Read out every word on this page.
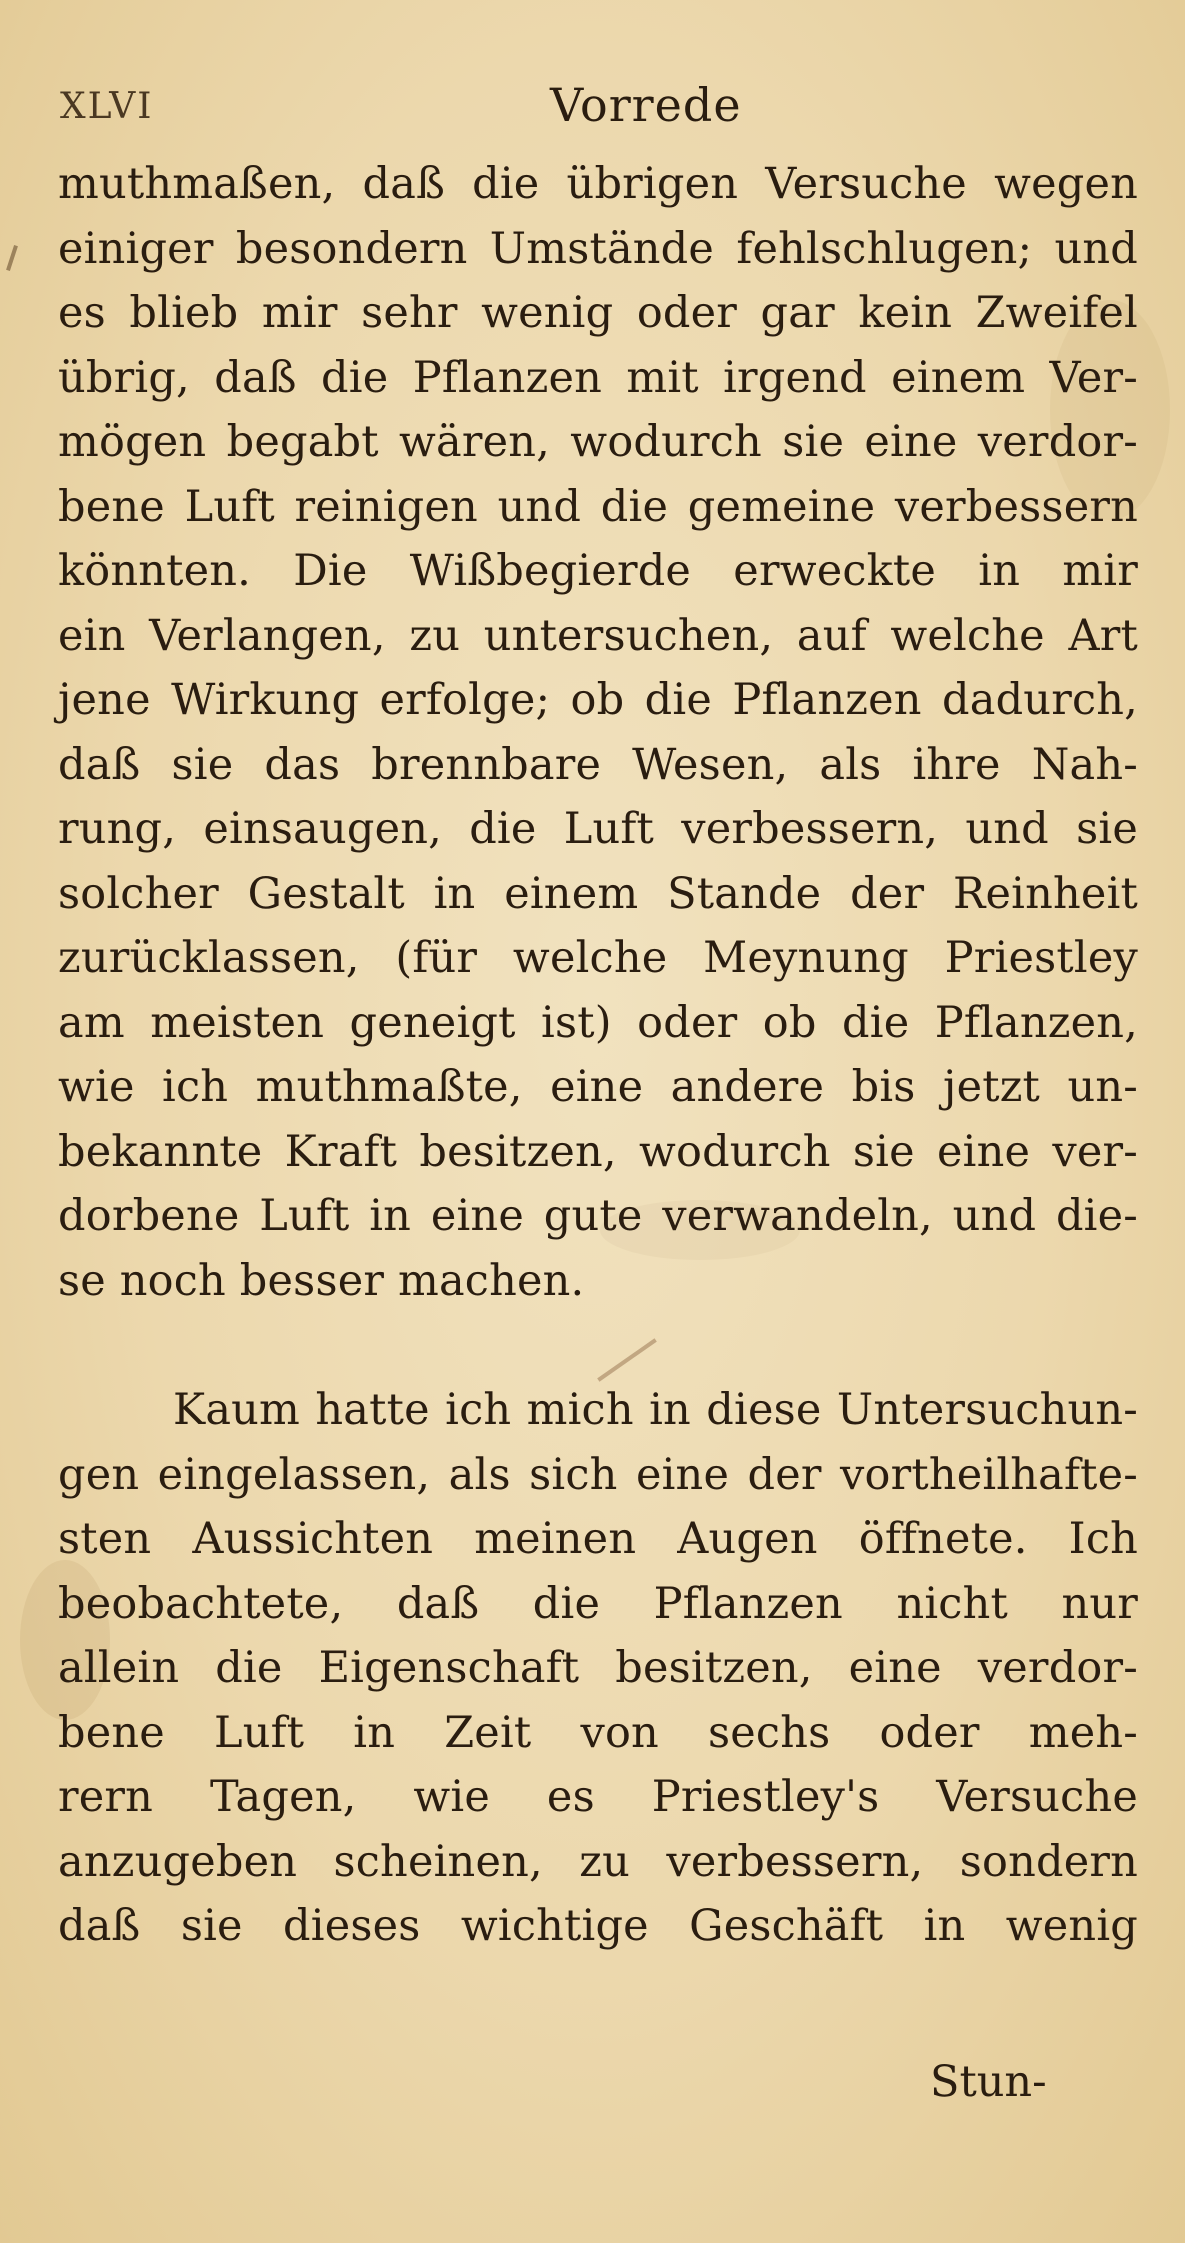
XLVI	Vorrede
muthmaßen, daß die übrigen Versuche wegen
einiger besondern Umstände fehlschlugen; und
es blieb mir sehr wenig oder gar kein Zweifel
übrig, daß die Pflanzen mit irgend einem Ver-
mögen begabt wären, wodurch sie eine verdor-
bene Luft reinigen und die gemeine verbessern
könnten. Die Wißbegierde erweckte in mir
ein Verlangen, zu untersuchen, auf welche Art
jene Wirkung erfolge; ob die Pflanzen dadurch,
daß sie das brennbare Wesen, als ihre Nah-
rung, einsaugen, die Luft verbessern, und sie
solcher Gestalt in einem Stande der Reinheit
zurücklassen, (für welche Meynung Priestley
am meisten geneigt ist) oder ob die Pflanzen,
wie ich muthmaßte, eine andere bis jetzt un-
bekannte Kraft besitzen, wodurch sie eine ver-
dorbene Luft in eine gute verwandeln, und die-
se noch besser machen.
Kaum hatte ich mich in diese Untersuchun-
gen eingelassen, als sich eine der vortheilhafte-
sten Aussichten meinen Augen öffnete. Ich
beobachtete, daß die Pflanzen nicht nur
allein die Eigenschaft besitzen, eine verdor-
bene Luft in Zeit von sechs oder meh-
rern Tagen, wie es Priestley's Versuche
anzugeben scheinen, zu verbessern, sondern
daß sie dieses wichtige Geschäft in wenig
Stun-
